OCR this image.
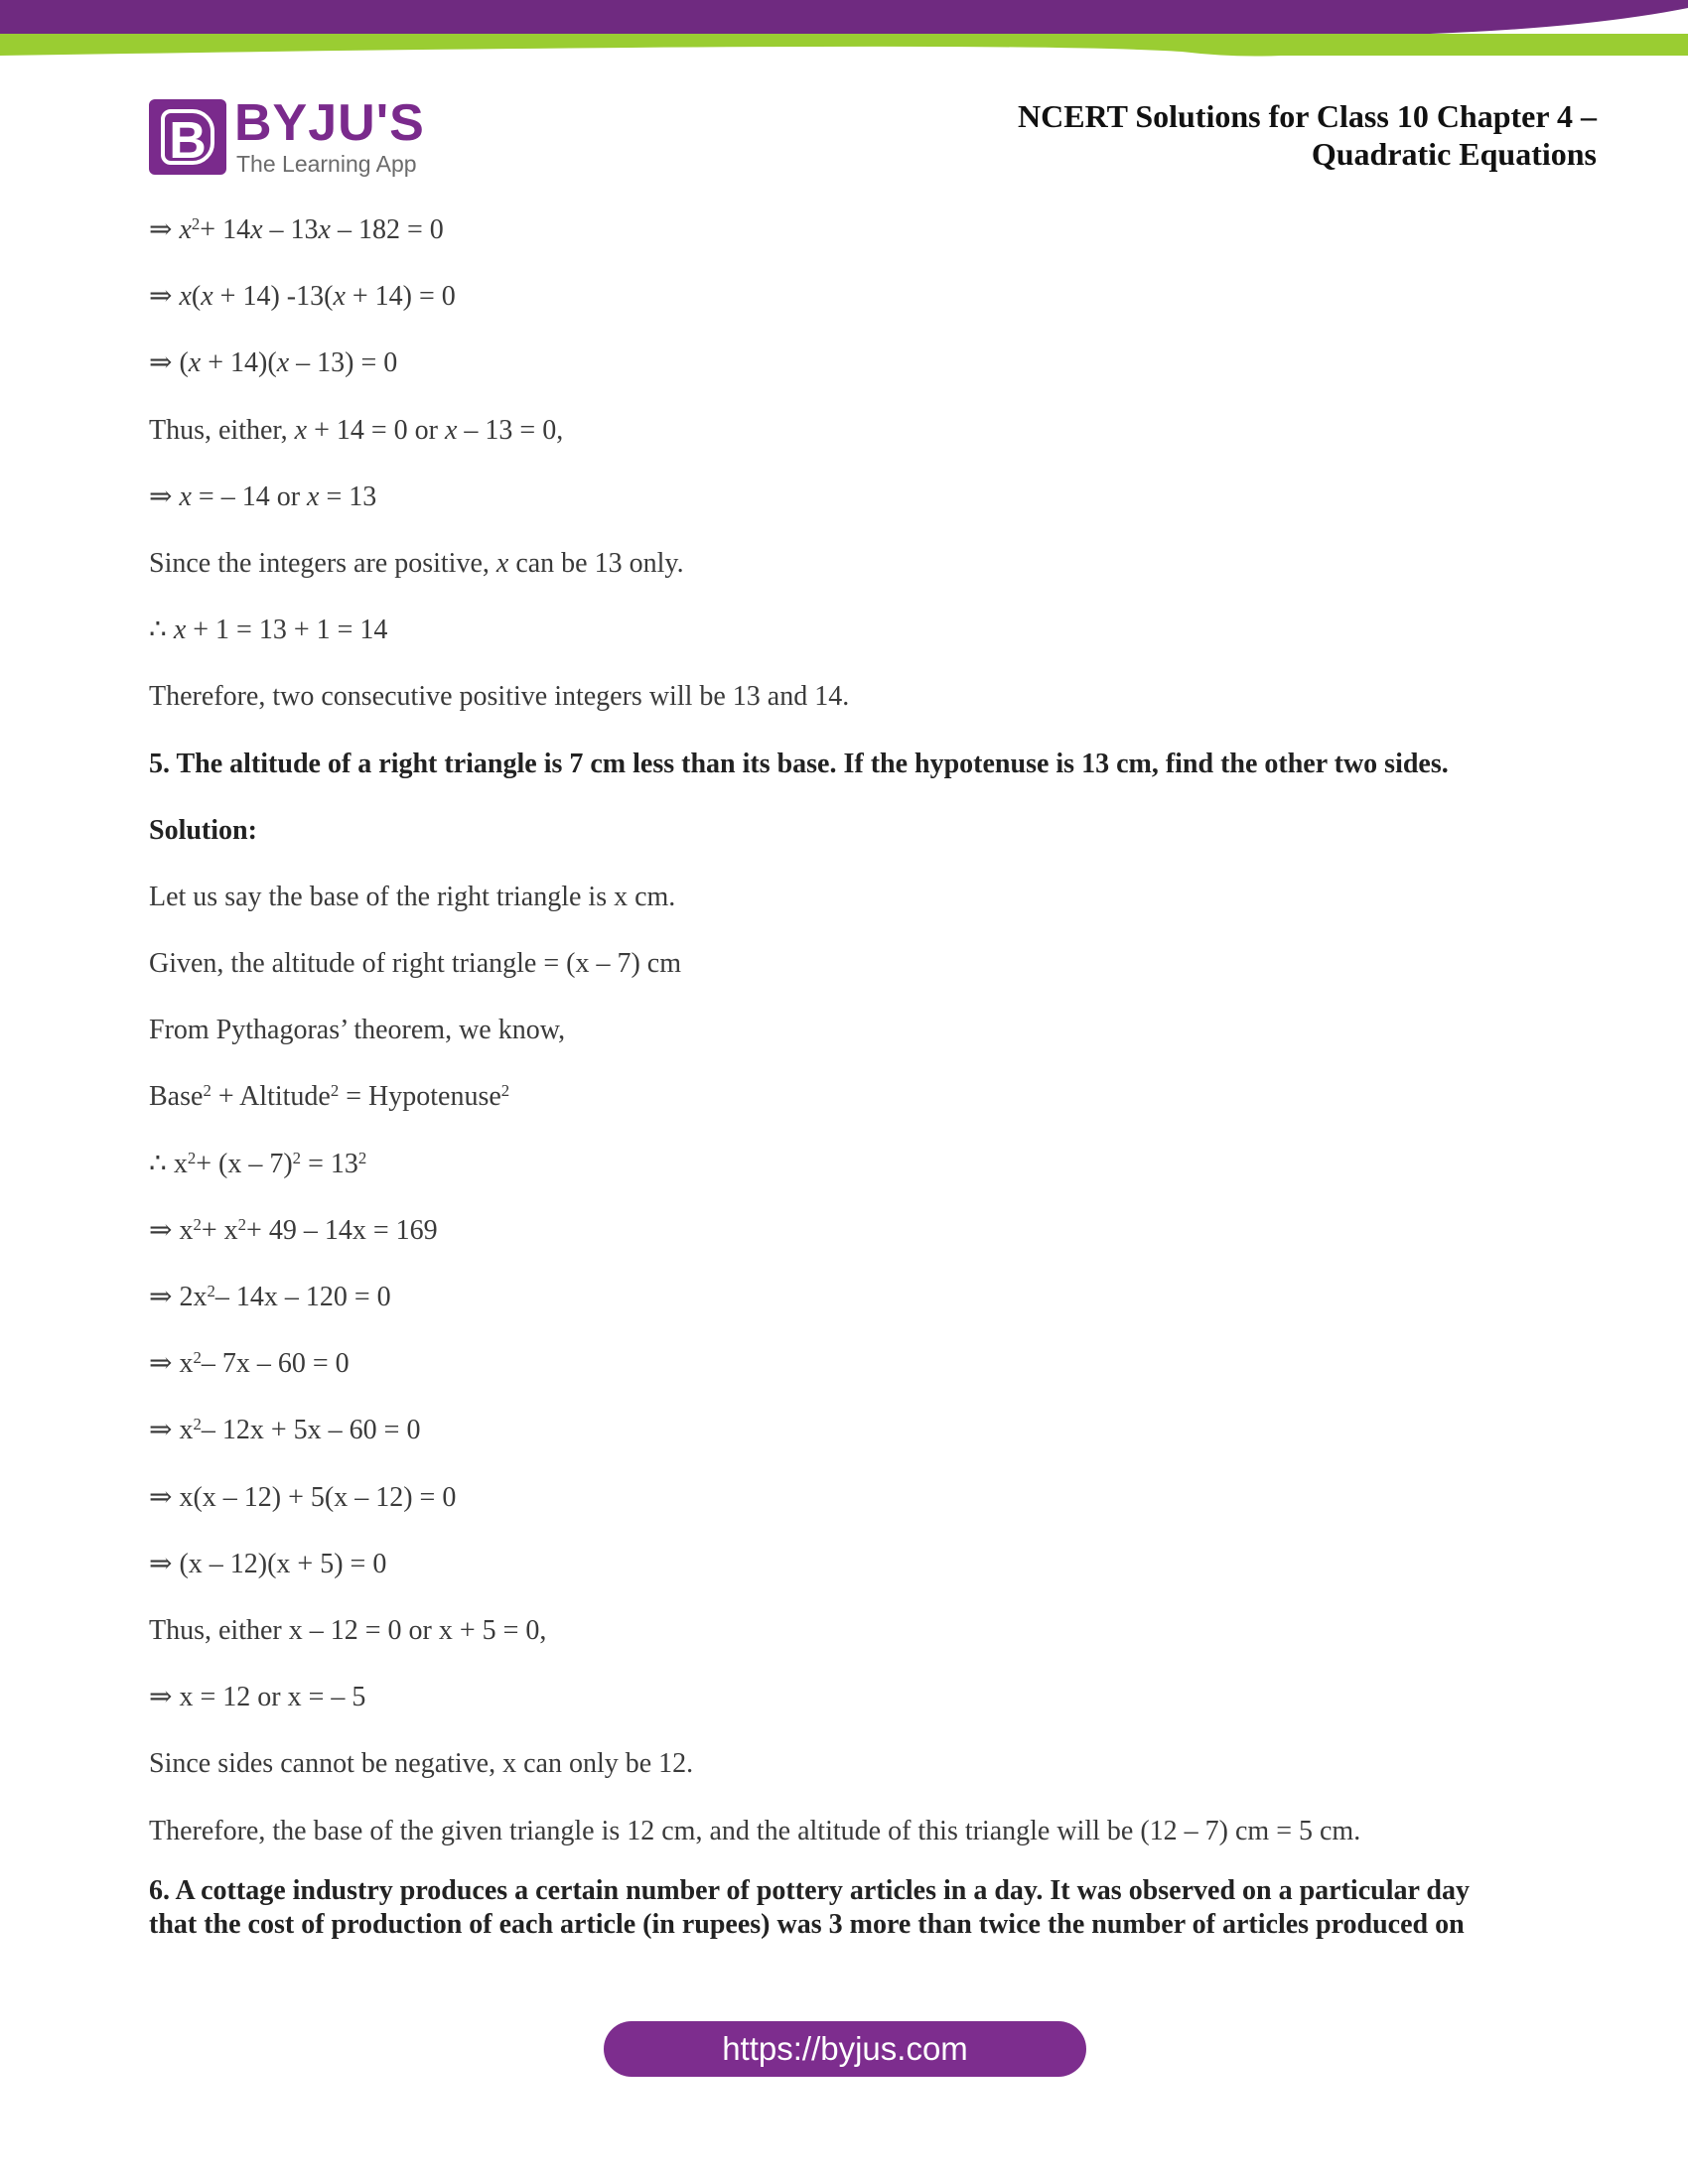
B BYJU'S
The Learning App
NCERT Solutions for Class 10 Chapter 4 –
Quadratic Equations
⇒ $x^2+ 14x - 13x - 182 = 0$
⇒ x(x + 14) -13(x + 14) = 0
⇒ (x + 14)(x – 13) = 0
Thus, either, x + 14 = 0 or x – 13 = 0,
⇒ x = – 14 or x = 13
Since the integers are positive, x can be 13 only.
∴ x + 1 = 13 + 1 = 14
Therefore, two consecutive positive integers will be 13 and 14.
5. The altitude of a right triangle is 7 cm less than its base. If the hypotenuse is 13 cm, find the other two sides.
Solution:
Let us say the base of the right triangle is x cm.
Given, the altitude of right triangle = (x – 7) cm
From Pythagoras’ theorem, we know,
Base$^2$ + Altitude$^2$ = Hypotenuse$^2$
∴ $x^2+ (x - 7)^2 = 13^2$
⇒ $x^2+ x^2+ 49 - 14x = 169$
⇒ $2x^2-$ 14x – 120 = 0
⇒ $x^2-$ 7x – 60 = 0
⇒ $x^2-$ 12x + 5x – 60 = 0
⇒ x(x – 12) + 5(x – 12) = 0
⇒ (x – 12)(x + 5) = 0
Thus, either x – 12 = 0 or x + 5 = 0,
⇒ x = 12 or x = – 5
Since sides cannot be negative, x can only be 12.
Therefore, the base of the given triangle is 12 cm, and the altitude of this triangle will be (12 – 7) cm = 5 cm.
6. A cottage industry produces a certain number of pottery articles in a day. It was observed on a particular day
that the cost of production of each article (in rupees) was 3 more than twice the number of articles produced on
https://byjus.com
